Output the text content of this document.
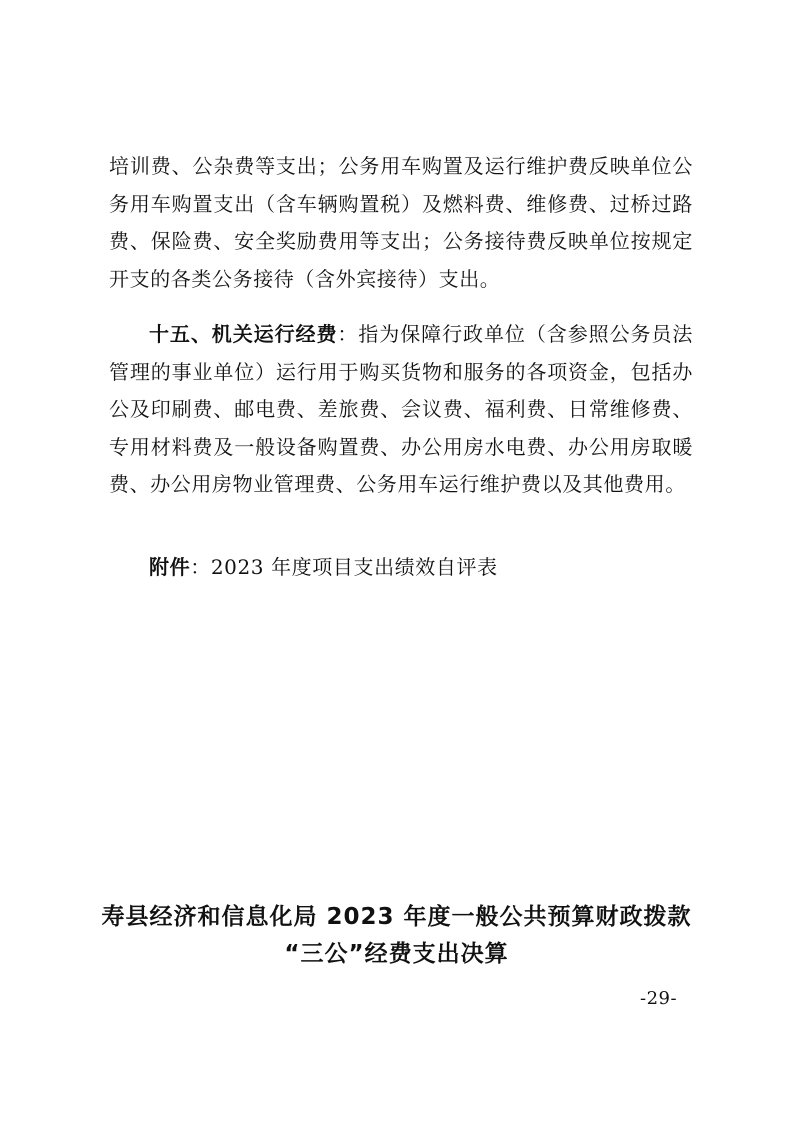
培训费、公杂费等支出；公务用车购置及运行维护费反映单位公务用车购置支出（含车辆购置税）及燃料费、维修费、过桥过路费、保险费、安全奖励费用等支出；公务接待费反映单位按规定开支的各类公务接待（含外宾接待）支出。

十五、机关运行经费：指为保障行政单位（含参照公务员法管理的事业单位）运行用于购买货物和服务的各项资金，包括办公及印刷费、邮电费、差旅费、会议费、福利费、日常维修费、专用材料费及一般设备购置费、办公用房水电费、办公用房取暖费、办公用房物业管理费、公务用车运行维护费以及其他费用。

附件：2023 年度项目支出绩效自评表

寿县经济和信息化局 2023 年度一般公共预算财政拨款

“三公”经费支出决算

-29-
